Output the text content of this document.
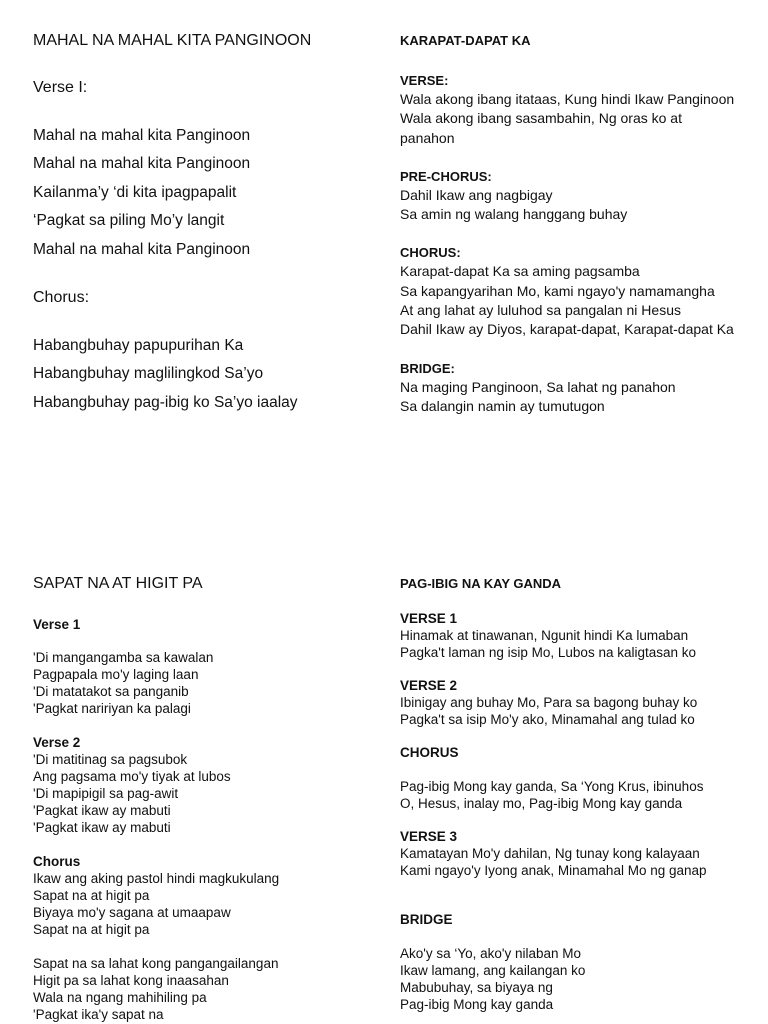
MAHAL NA MAHAL KITA PANGINOON
Verse I:
Mahal na mahal kita Panginoon
Mahal na mahal kita Panginoon
Kailanma’y ‘di kita ipagpapalit
‘Pagkat sa piling Mo’y langit
Mahal na mahal kita Panginoon
Chorus:
Habangbuhay papupurihan Ka
Habangbuhay maglilingkod Sa’yo
Habangbuhay pag-ibig ko Sa’yo iaalay
KARAPAT-DAPAT KA
VERSE:
Wala akong ibang itataas, Kung hindi Ikaw Panginoon
Wala akong ibang sasambahin, Ng oras ko at panahon
PRE-CHORUS:
Dahil Ikaw ang nagbigay
Sa amin ng walang hanggang buhay
CHORUS:
Karapat-dapat Ka sa aming pagsamba
Sa kapangyarihan Mo, kami ngayo'y namamangha
At ang lahat ay luluhod sa pangalan ni Hesus
Dahil Ikaw ay Diyos, karapat-dapat, Karapat-dapat Ka
BRIDGE:
Na maging Panginoon, Sa lahat ng panahon
Sa dalangin namin ay tumutugon
SAPAT NA AT HIGIT PA
Verse 1
'Di mangangamba sa kawalan
Pagpapala mo'y laging laan
'Di matatakot sa panganib
'Pagkat naririyan ka palagi
Verse 2
'Di matitinag sa pagsubok
Ang pagsama mo'y tiyak at lubos
'Di mapipigil sa pag-awit
'Pagkat ikaw ay mabuti
'Pagkat ikaw ay mabuti
Chorus
Ikaw ang aking pastol hindi magkukulang
Sapat na at higit pa
Biyaya mo'y sagana at umaapaw
Sapat na at higit pa
Sapat na sa lahat kong pangangailangan
Higit pa sa lahat kong inaasahan
Wala na ngang mahihiling pa
'Pagkat ika'y sapat na
PAG-IBIG NA KAY GANDA
VERSE 1
Hinamak at tinawanan, Ngunit hindi Ka lumaban
Pagka't laman ng isip Mo, Lubos na kaligtasan ko
VERSE 2
Ibinigay ang buhay Mo, Para sa bagong buhay ko
Pagka't sa isip Mo'y ako, Minamahal ang tulad ko
CHORUS
Pag-ibig Mong kay ganda, Sa ‘Yong Krus, ibinuhos
O, Hesus, inalay mo, Pag-ibig Mong kay ganda
VERSE 3
Kamatayan Mo'y dahilan, Ng tunay kong kalayaan
Kami ngayo'y Iyong anak, Minamahal Mo ng ganap
BRIDGE
Ako'y sa ‘Yo, ako'y nilaban Mo
Ikaw lamang, ang kailangan ko
Mabubuhay, sa biyaya ng
Pag-ibig Mong kay ganda
